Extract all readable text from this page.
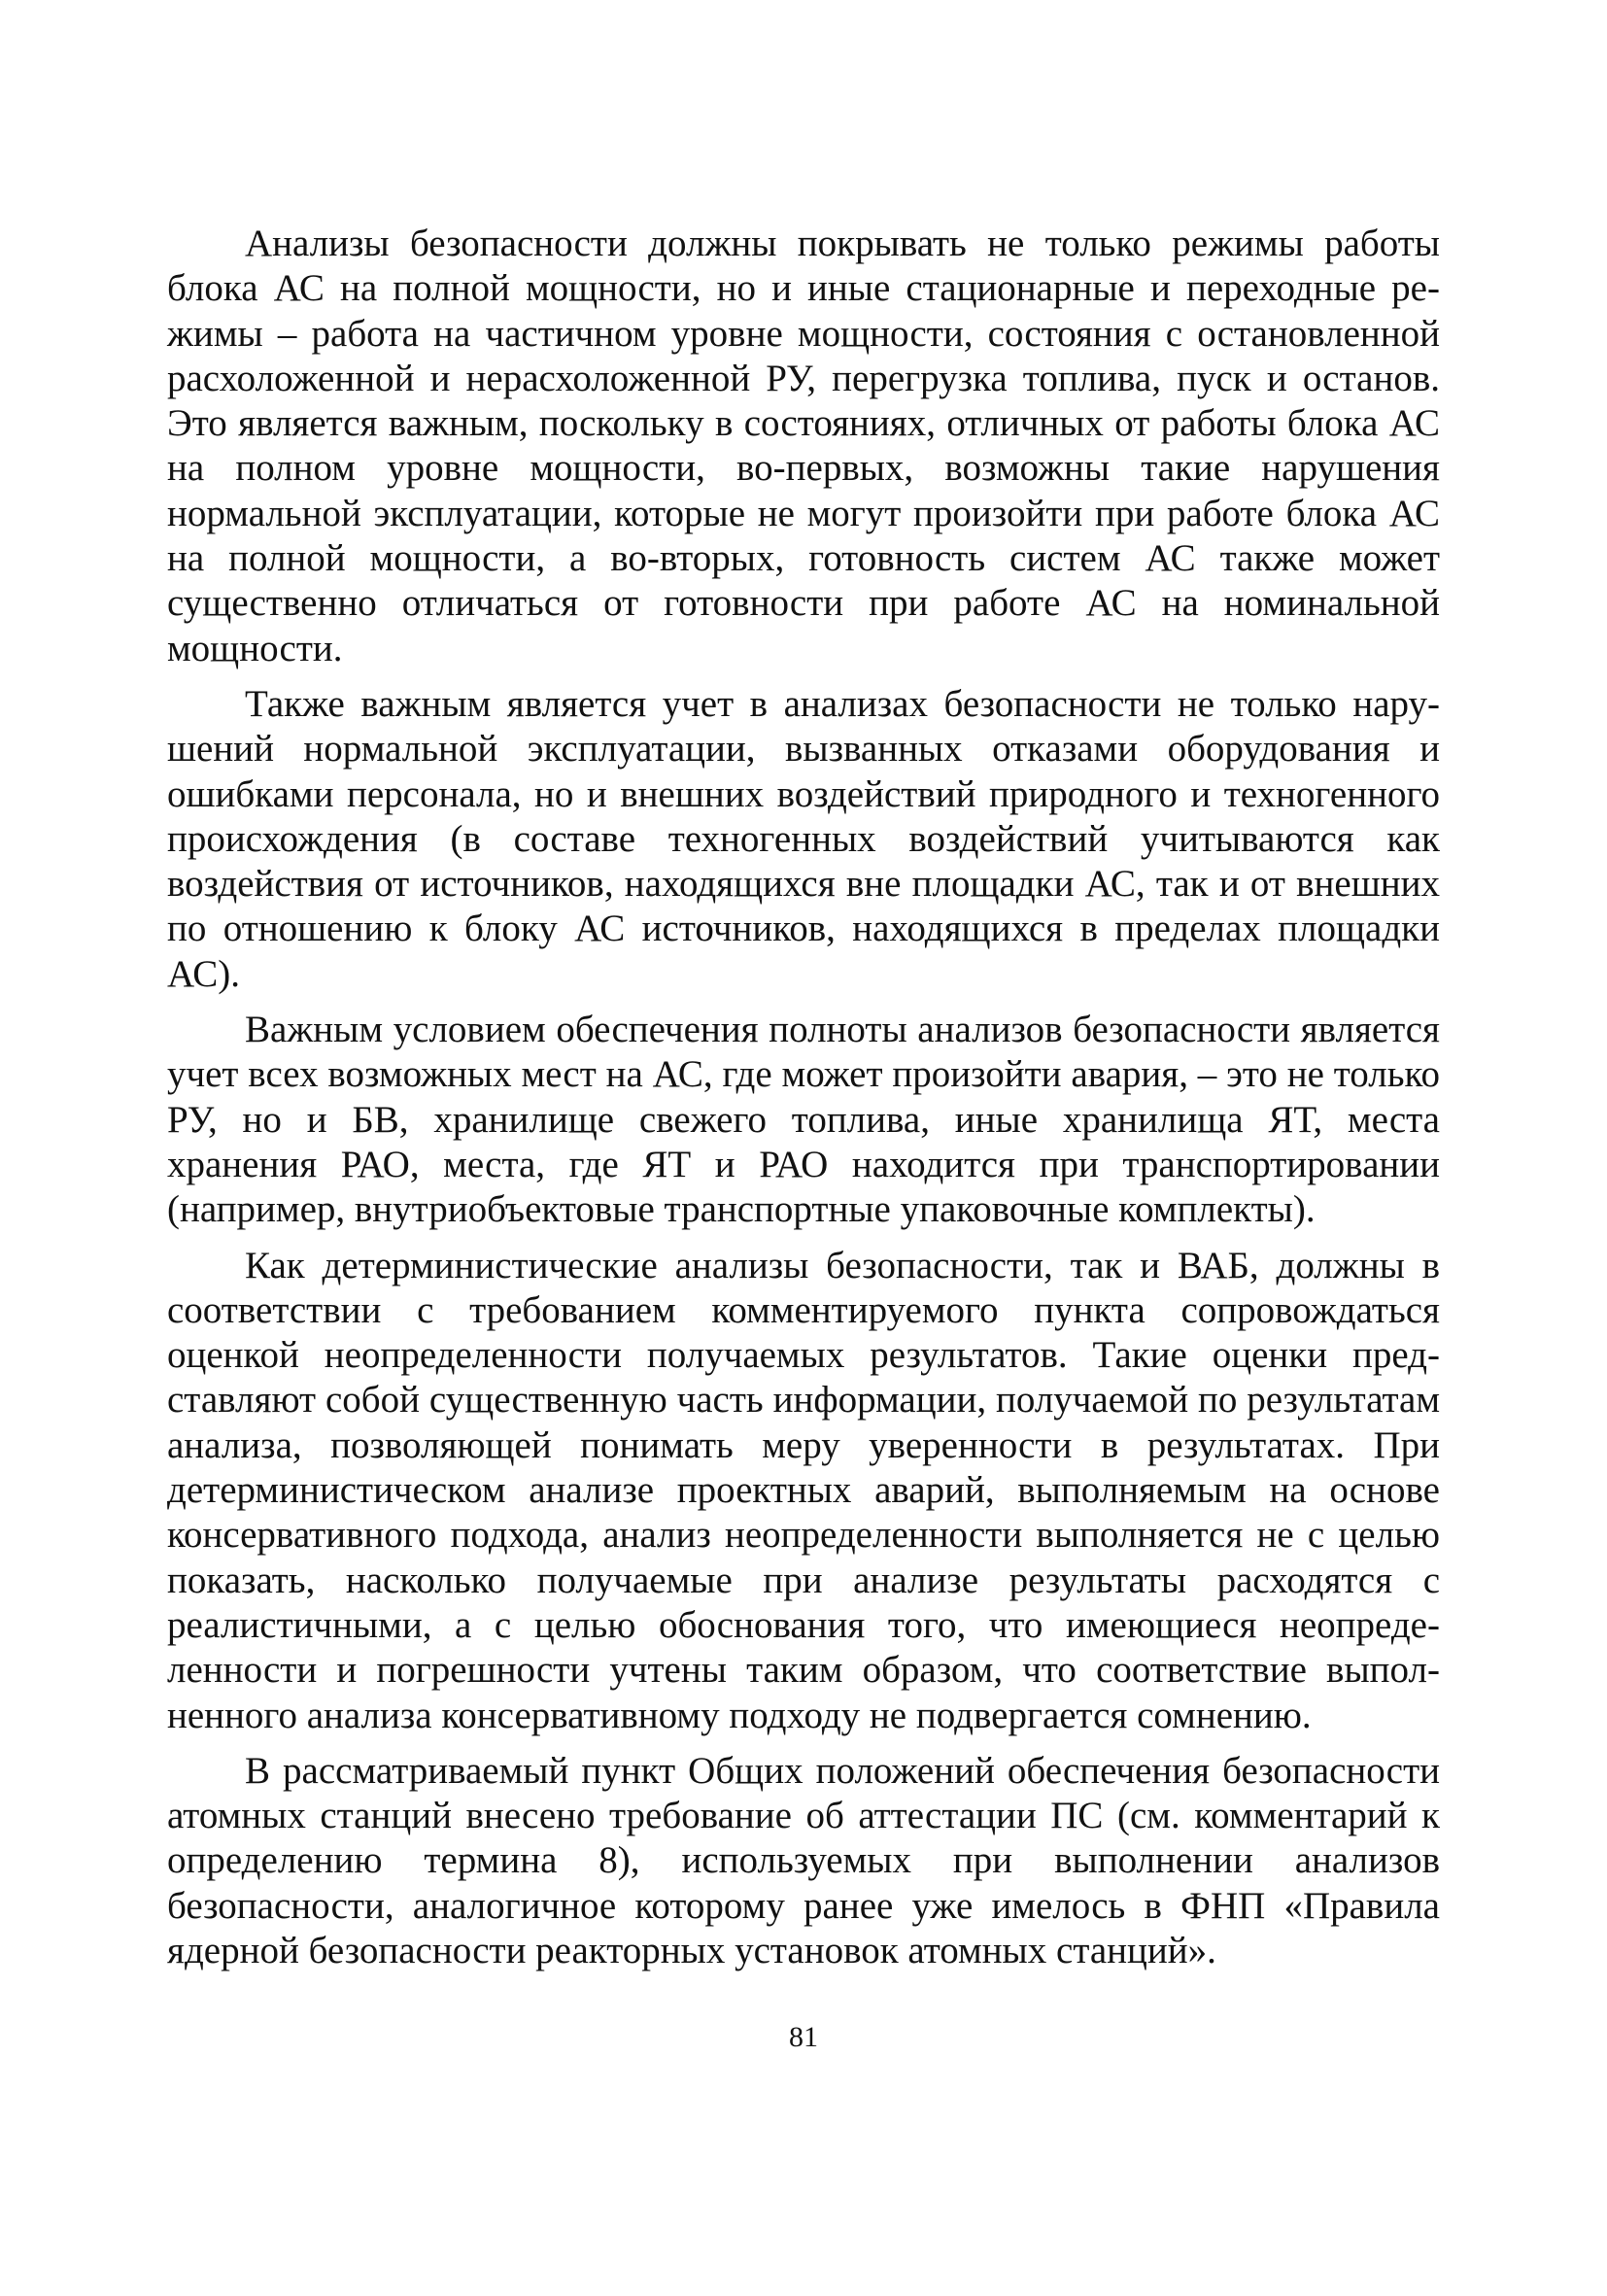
Анализы безопасности должны покрывать не только режимы работы блока АС на полной мощности, но и иные стационарные и переходные режимы – работа на частичном уровне мощности, состояния с остановленной расхоложенной и нерасхоложенной РУ, перегрузка топлива, пуск и останов. Это является важным, поскольку в состояниях, отличных от работы блока АС на полном уровне мощности, во-первых, возможны такие нарушения нормальной эксплуатации, которые не могут произойти при работе блока АС на полной мощности, а во-вторых, готовность систем АС также может существенно отличаться от готовности при работе АС на номинальной мощности.

Также важным является учет в анализах безопасности не только нарушений нормальной эксплуатации, вызванных отказами оборудования и ошибками персонала, но и внешних воздействий природного и техногенного происхождения (в составе техногенных воздействий учитываются как воздействия от источников, находящихся вне площадки АС, так и от внешних по отношению к блоку АС источников, находящихся в пределах площадки АС).

Важным условием обеспечения полноты анализов безопасности является учет всех возможных мест на АС, где может произойти авария, – это не только РУ, но и БВ, хранилище свежего топлива, иные хранилища ЯТ, места хранения РАО, места, где ЯТ и РАО находится при транспортировании (например, внутриобъектовые транспортные упаковочные комплекты).

Как детерминистические анализы безопасности, так и ВАБ, должны в соответствии с требованием комментируемого пункта сопровождаться оценкой неопределенности получаемых результатов. Такие оценки представляют собой существенную часть информации, получаемой по результатам анализа, позволяющей понимать меру уверенности в результатах. При детерминистическом анализе проектных аварий, выполняемым на основе консервативного подхода, анализ неопределенности выполняется не с целью показать, насколько получаемые при анализе результаты расходятся с реалистичными, а с целью обоснования того, что имеющиеся неопределенности и погрешности учтены таким образом, что соответствие выполненного анализа консервативному подходу не подвергается сомнению.

В рассматриваемый пункт Общих положений обеспечения безопасности атомных станций внесено требование об аттестации ПС (см. комментарий к определению термина 8), используемых при выполнении анализов безопасности, аналогичное которому ранее уже имелось в ФНП «Правила ядерной безопасности реакторных установок атомных станций».

81
